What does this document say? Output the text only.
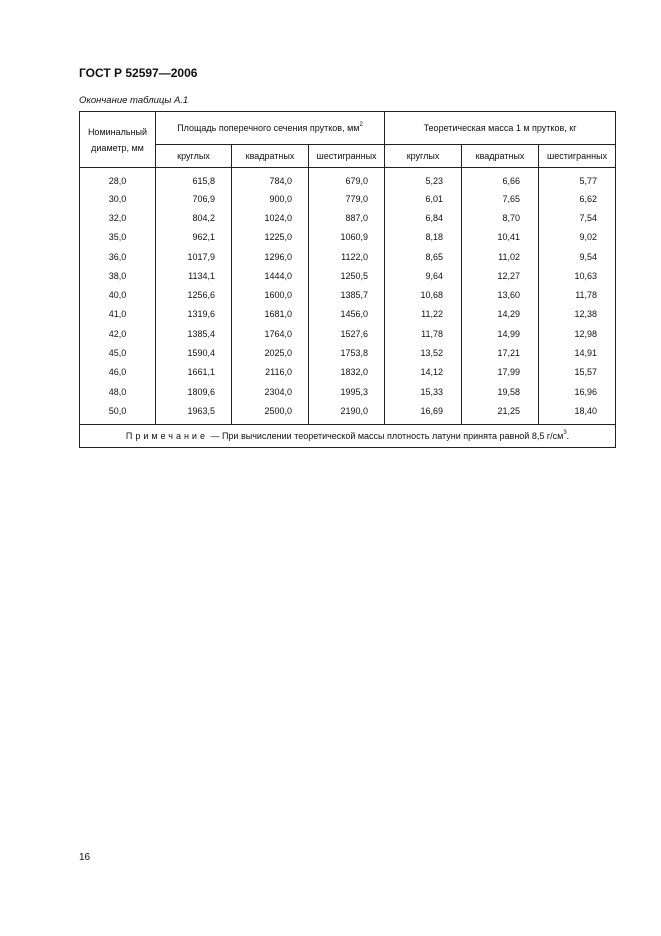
ГОСТ Р 52597—2006
Окончание таблицы А.1
Номинальный диаметр, мм	Площадь поперечного сечения прутков, $мм^2$			Теоретическая масса 1 м прутков, кг		
	круглых	квадратных	шестигранных	круглых	квадратных	шестигранных
28,0	615,8	784,0	679,0	5,23	6,66	5,77
30,0	706,9	900,0	779,0	6,01	7,65	6,62
32,0	804,2	1024,0	887,0	6,84	8,70	7,54
35,0	962,1	1225,0	1060,9	8,18	10,41	9,02
36,0	1017,9	1296,0	1122,0	8,65	11,02	9,54
38,0	1134,1	1444,0	1250,5	9,64	12,27	10,63
40,0	1256,6	1600,0	1385,7	10,68	13,60	11,78
41,0	1319,6	1681,0	1456,0	11,22	14,29	12,38
42,0	1385,4	1764,0	1527,6	11,78	14,99	12,98
45,0	1590,4	2025,0	1753,8	13,52	17,21	14,91
46,0	1661,1	2116,0	1832,0	14,12	17,99	15,57
48,0	1809,6	2304,0	1995,3	15,33	19,58	16,96
50,0	1963,5	2500,0	2190,0	16,69	21,25	18,40
Примечание — При вычислении теоретической массы плотность латуни принята равной 8,5 $г/см^3$.						
16
